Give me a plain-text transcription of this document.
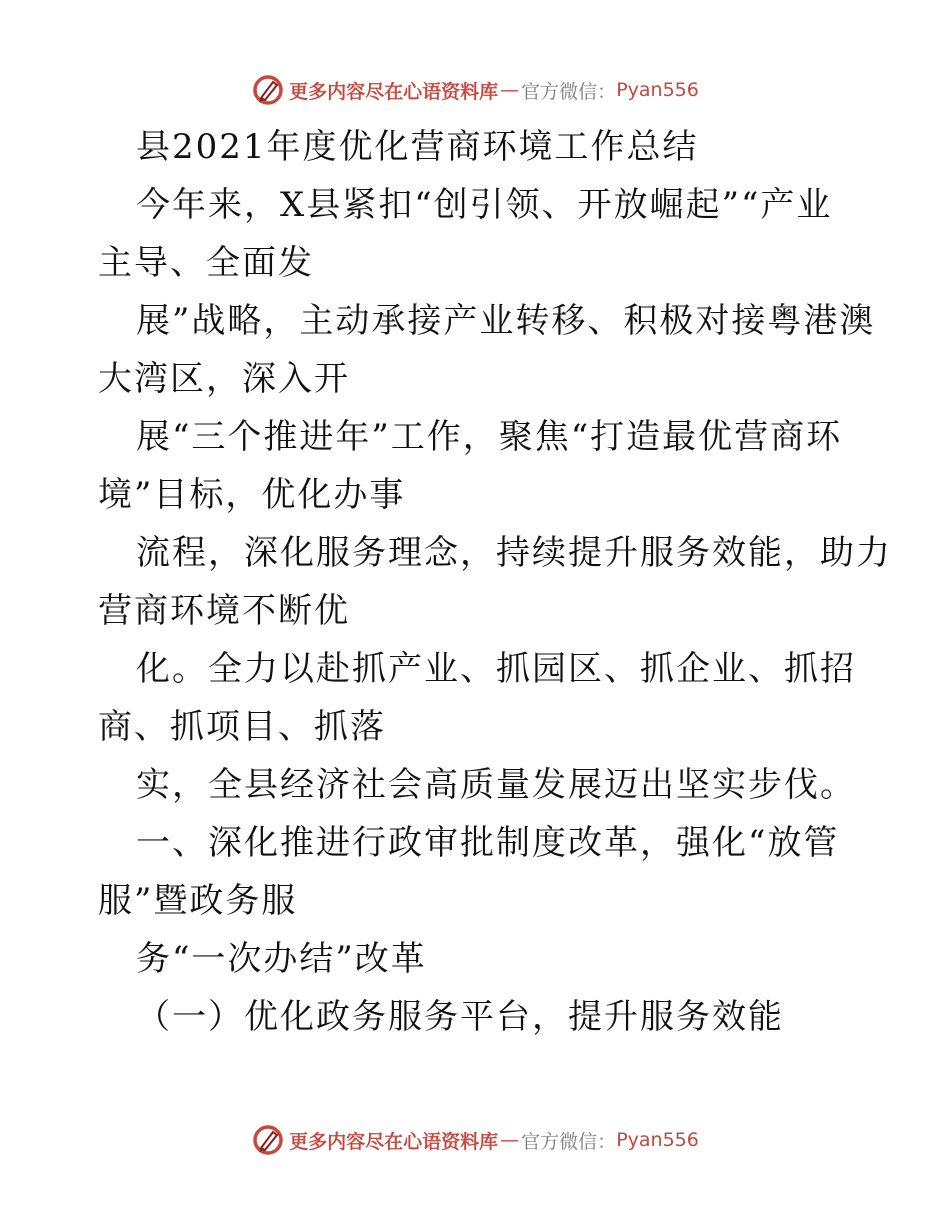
更多内容尽在心语资料库 — 官方微信： Pyan556
县2021年度优化营商环境工作总结
今年来，X县紧扣“创引领、开放崛起”“产业
主导、全面发
展”战略，主动承接产业转移、积极对接粤港澳
大湾区，深入开
展“三个推进年”工作，聚焦“打造最优营商环
境”目标，优化办事
流程，深化服务理念，持续提升服务效能，助力
营商环境不断优
化。全力以赴抓产业、抓园区、抓企业、抓招
商、抓项目、抓落
实，全县经济社会高质量发展迈出坚实步伐。
一、深化推进行政审批制度改革，强化“放管
服”暨政务服
务“一次办结”改革
（一）优化政务服务平台，提升服务效能
更多内容尽在心语资料库 — 官方微信： Pyan556
